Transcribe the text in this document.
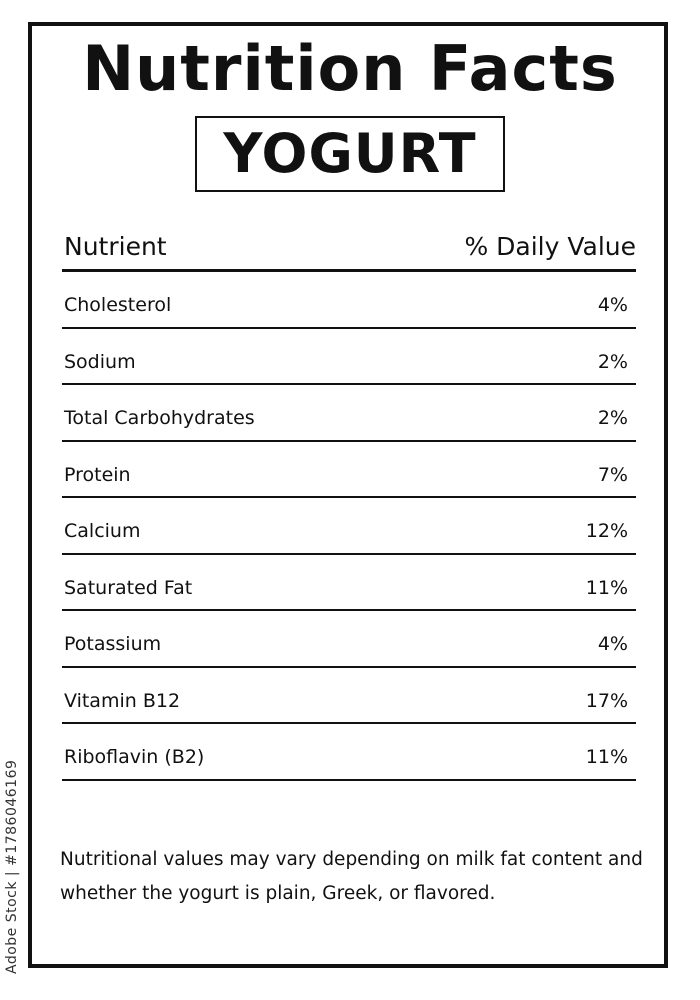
Nutrition Facts
YOGURT
Nutrient	% Daily Value
Cholesterol	4%
Sodium	2%
Total Carbohydrates	2%
Protein	7%
Calcium	12%
Saturated Fat	11%
Potassium	4%
Vitamin B12	17%
Riboflavin (B2)	11%

Nutritional values may vary depending on milk fat content and
whether the yogurt is plain, Greek, or flavored.

Adobe Stock | #1786046169
